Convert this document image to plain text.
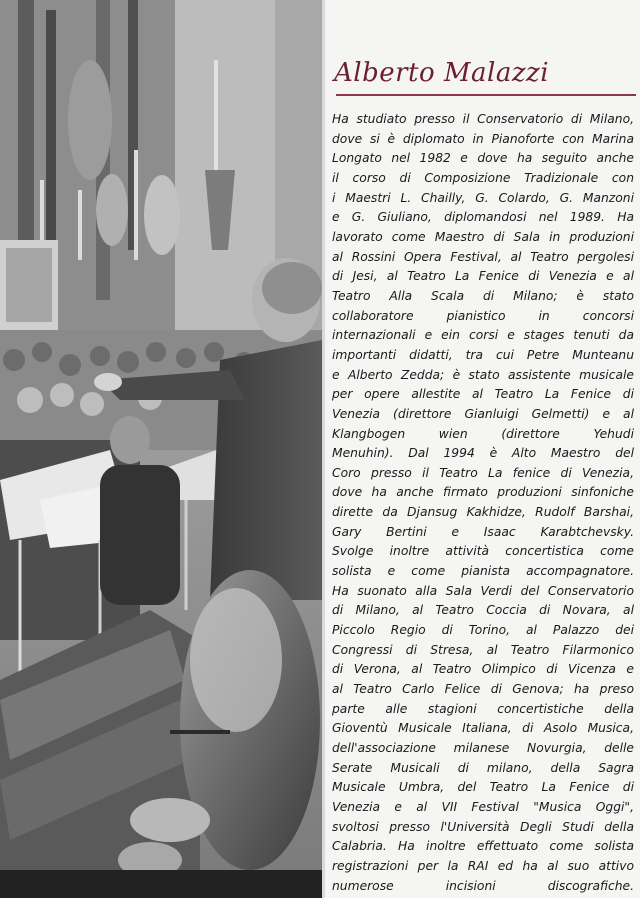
Alberto Malazzi
Ha studiato presso il Conservatorio di Milano,
dove si è diplomato in Pianoforte con Marina
Longato nel 1982 e dove ha seguito anche
il corso di Composizione Tradizionale con
i Maestri L. Chailly, G. Colardo, G. Manzoni
e G. Giuliano, diplomandosi nel 1989. Ha
lavorato come Maestro di Sala in produzioni
al Rossini Opera Festival, al Teatro pergolesi
di Jesi, al Teatro La Fenice di Venezia e al
Teatro Alla Scala di Milano; è stato
collaboratore pianistico in concorsi
internazionali e ein corsi e stages tenuti da
importanti didatti, tra cui Petre Munteanu
e Alberto Zedda; è stato assistente musicale
per opere allestite al Teatro La Fenice di
Venezia (direttore Gianluigi Gelmetti) e al
Klangbogen wien (direttore Yehudi
Menuhin). Dal 1994 è Alto Maestro del
Coro presso il Teatro La fenice di Venezia,
dove ha anche firmato produzioni sinfoniche
dirette da Djansug Kakhidze, Rudolf Barshai,
Gary Bertini e Isaac Karabtchevsky.
Svolge inoltre attività concertistica come
solista e come pianista accompagnatore.
Ha suonato alla Sala Verdi del Conservatorio
di Milano, al Teatro Coccia di Novara, al
Piccolo Regio di Torino, al Palazzo dei
Congressi di Stresa, al Teatro Filarmonico
di Verona, al Teatro Olimpico di Vicenza e
al Teatro Carlo Felice di Genova; ha preso
parte alle stagioni concertistiche della
Gioventù Musicale Italiana, di Asolo Musica,
dell'associazione milanese Novurgia, delle
Serate Musicali di milano, della Sagra
Musicale Umbra, del Teatro La Fenice di
Venezia e al VII Festival "Musica Oggi",
svoltosi presso l'Università Degli Studi della
Calabria. Ha inoltre effettuato come solista
registrazioni per la RAI ed ha al suo attivo
numerose incisioni discografiche.
